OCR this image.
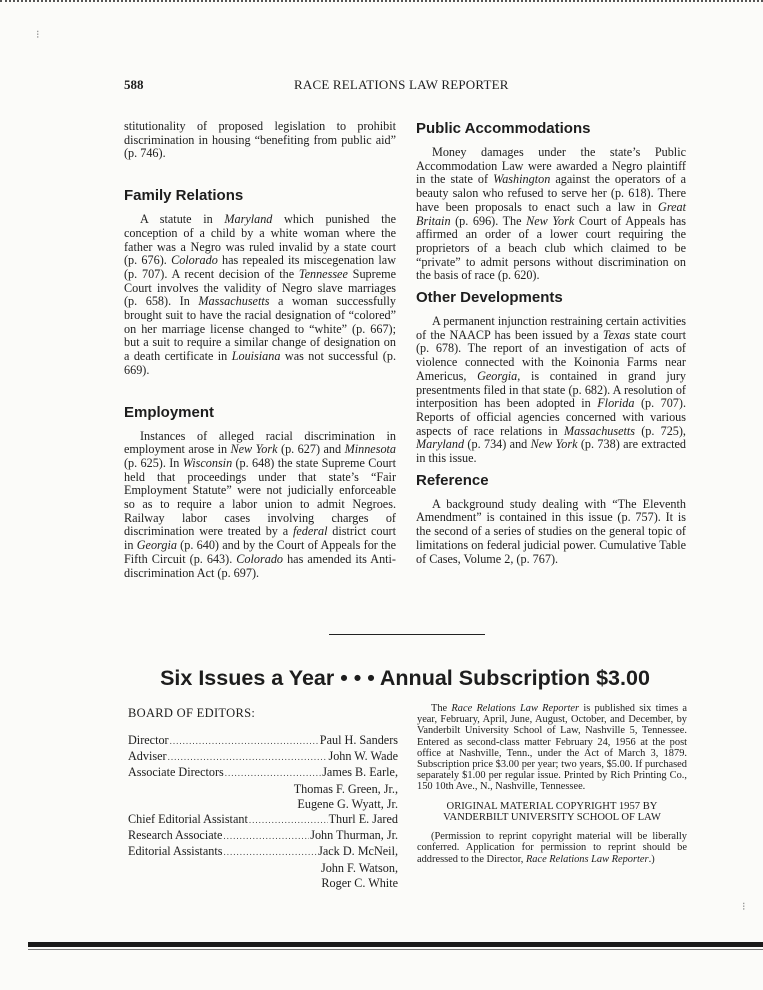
⁝
⁝
588	RACE RELATIONS LAW REPORTER

stitutionality of proposed legislation to prohibit discrimination in housing “benefiting from public aid” (p. 746).

Family Relations

A statute in Maryland which punished the conception of a child by a white woman where the father was a Negro was ruled invalid by a state court (p. 676). Colorado has repealed its miscegenation law (p. 707). A recent decision of the Tennessee Supreme Court involves the validity of Negro slave marriages (p. 658). In Massachusetts a woman successfully brought suit to have the racial designation of “colored” on her marriage license changed to “white” (p. 667); but a suit to require a similar change of designation on a death certificate in Louisiana was not successful (p. 669).

Employment

Instances of alleged racial discrimination in employment arose in New York (p. 627) and Minnesota (p. 625). In Wisconsin (p. 648) the state Supreme Court held that proceedings under that state’s “Fair Employment Statute” were not judicially enforceable so as to require a labor union to admit Negroes. Railway labor cases involving charges of discrimination were treated by a federal district court in Georgia (p. 640) and by the Court of Appeals for the Fifth Circuit (p. 643). Colorado has amended its Anti-discrimination Act (p. 697).

Public Accommodations

Money damages under the state’s Public Accommodation Law were awarded a Negro plaintiff in the state of Washington against the operators of a beauty salon who refused to serve her (p. 618). There have been proposals to enact such a law in Great Britain (p. 696). The New York Court of Appeals has affirmed an order of a lower court requiring the proprietors of a beach club which claimed to be “private” to admit persons without discrimination on the basis of race (p. 620).

Other Developments

A permanent injunction restraining certain activities of the NAACP has been issued by a Texas state court (p. 678). The report of an investigation of acts of violence connected with the Koinonia Farms near Americus, Georgia, is contained in grand jury presentments filed in that state (p. 682). A resolution of interposition has been adopted in Florida (p. 707). Reports of official agencies concerned with various aspects of race relations in Massachusetts (p. 725), Maryland (p. 734) and New York (p. 738) are extracted in this issue.

Reference

A background study dealing with “The Eleventh Amendment” is contained in this issue (p. 757). It is the second of a series of studies on the general topic of limitations on federal judicial power. Cumulative Table of Cases, Volume 2, (p. 767).

Six Issues a Year • • • Annual Subscription $3.00
BOARD OF EDITORS:
Director .....	Paul H. Sanders
Adviser .....	John W. Wade
Associate Directors .....	James B. Earle,
Thomas F. Green, Jr.,
Eugene G. Wyatt, Jr.
Chief Editorial Assistant .....	Thurl E. Jared
Research Associate .....	John Thurman, Jr.
Editorial Assistants .....	Jack D. McNeil,
John F. Watson,
Roger C. White

The Race Relations Law Reporter is published six times a year, February, April, June, August, October, and December, by Vanderbilt University School of Law, Nashville 5, Tennessee. Entered as second-class matter February 24, 1956 at the post office at Nashville, Tenn., under the Act of March 3, 1879. Subscription price $3.00 per year; two years, $5.00. If purchased separately $1.00 per regular issue. Printed by Rich Printing Co., 150 10th Ave., N., Nashville, Tennessee.

ORIGINAL MATERIAL COPYRIGHT 1957 BY VANDERBILT UNIVERSITY SCHOOL OF LAW

(Permission to reprint copyright material will be liberally conferred. Application for permission to reprint should be addressed to the Director, Race Relations Law Reporter.)
